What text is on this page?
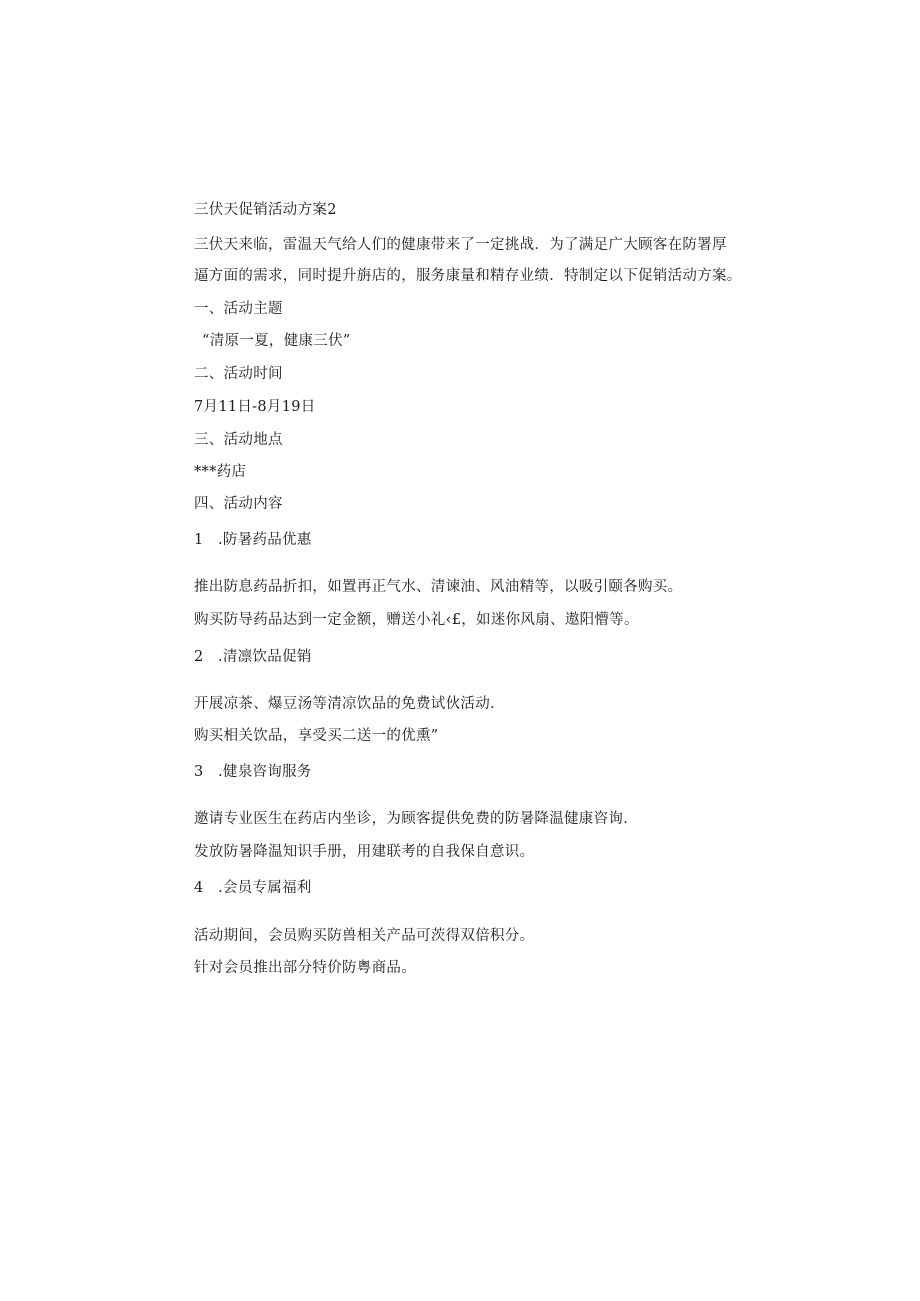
三伏天促销活动方案2
三伏天来临，雷温天气给人们的健康带来了一定挑战．为了满足广大顾客在防署厚
逼方面的需求，同时提升旃店的，服务康量和精存业绩．特制定以下促销活动方案。
一、活动主题
“清原一夏，健康三伏”
二、活动时间
7月11日-8月19日
三、活动地点
***药店
四、活动内容
1 .防暑药品优惠
推出防息药品折扣，如置再正气水、清谏油、风油精等，以吸引颐各购买。
购买防导药品达到一定金额，赠送小礼‹£，如迷你风扇、遨阳懵等。
2 .清凛饮品促销
开展凉茶、爆豆汤等清凉饮品的免费试伙活动．
购买相关饮品，享受买二送一的优熏”
3 .健泉咨询服务
邀请专业医生在药店内坐诊，为顾客提供免费的防暑降温健康咨询．
发放防暑降温知识手册，用建联考的自我保自意识。
4 .会员专属福利
活动期间，会员购买防兽相关产品可茨得双倍积分。
针对会员推出部分特价防粤商品。
